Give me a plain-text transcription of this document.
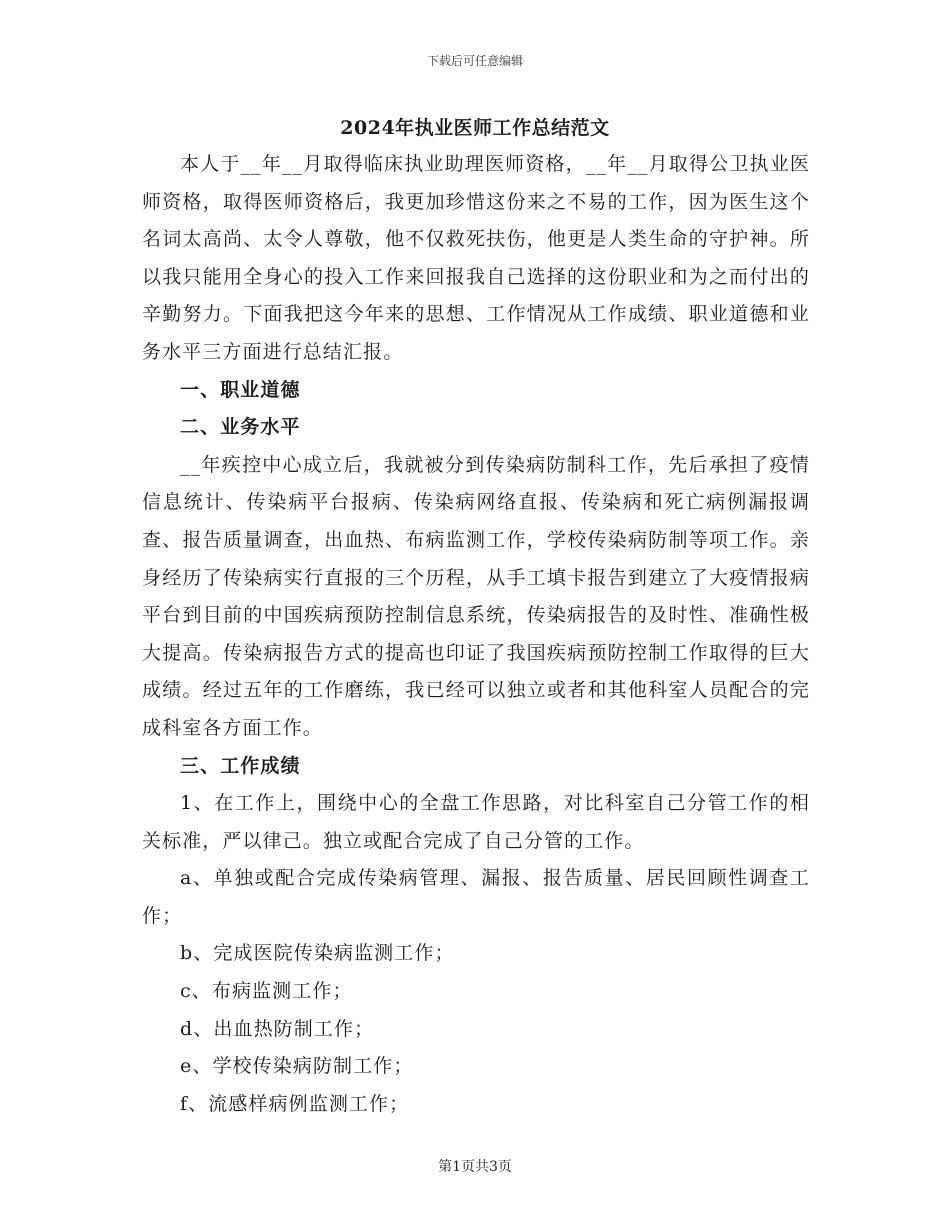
下载后可任意编辑
2024年执业医师工作总结范文

本人于__年__月取得临床执业助理医师资格，__年__月取得公卫执业医师资格，取得医师资格后，我更加珍惜这份来之不易的工作，因为医生这个名词太高尚、太令人尊敬，他不仅救死扶伤，他更是人类生命的守护神。所以我只能用全身心的投入工作来回报我自己选择的这份职业和为之而付出的辛勤努力。下面我把这今年来的思想、工作情况从工作成绩、职业道德和业务水平三方面进行总结汇报。

一、职业道德

二、业务水平

__年疾控中心成立后，我就被分到传染病防制科工作，先后承担了疫情信息统计、传染病平台报病、传染病网络直报、传染病和死亡病例漏报调查、报告质量调查，出血热、布病监测工作，学校传染病防制等项工作。亲身经历了传染病实行直报的三个历程，从手工填卡报告到建立了大疫情报病平台到目前的中国疾病预防控制信息系统，传染病报告的及时性、准确性极大提高。传染病报告方式的提高也印证了我国疾病预防控制工作取得的巨大成绩。经过五年的工作磨练，我已经可以独立或者和其他科室人员配合的完成科室各方面工作。

三、工作成绩

1、在工作上，围绕中心的全盘工作思路，对比科室自己分管工作的相关标准，严以律己。独立或配合完成了自己分管的工作。

a、单独或配合完成传染病管理、漏报、报告质量、居民回顾性调查工作；

b、完成医院传染病监测工作；

c、布病监测工作；

d、出血热防制工作；

e、学校传染病防制工作；

f、流感样病例监测工作；

第1页共3页
